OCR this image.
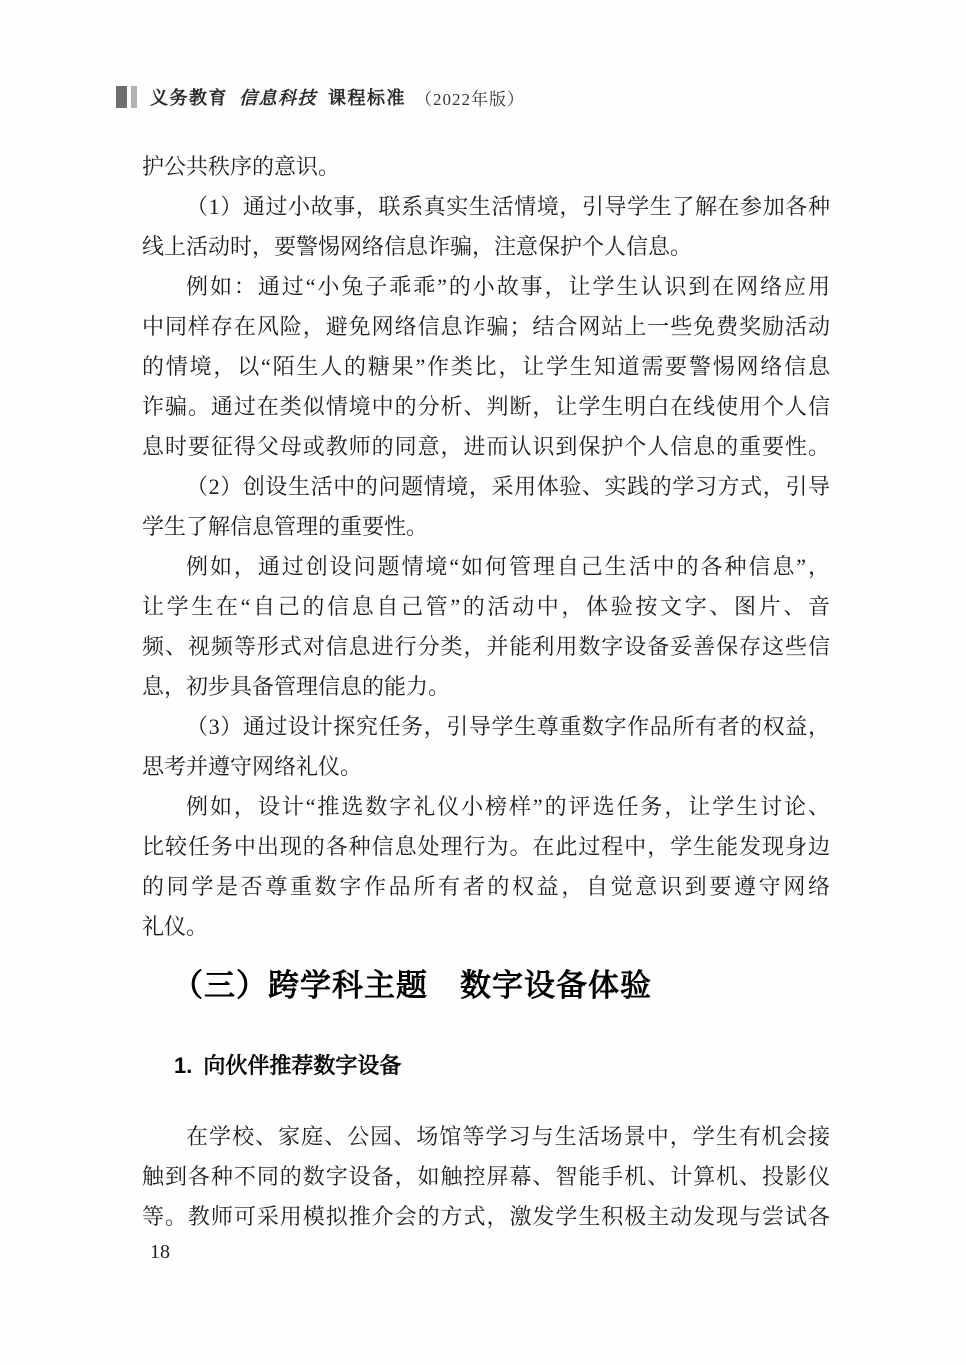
义务教育 信息科技 课程标准 （2022年版）
护公共秩序的意识。
（1）通过小故事，联系真实生活情境，引导学生了解在参加各种
线上活动时，要警惕网络信息诈骗，注意保护个人信息。
例如：通过“小兔子乖乖”的小故事，让学生认识到在网络应用
中同样存在风险，避免网络信息诈骗；结合网站上一些免费奖励活动
的情境，以“陌生人的糖果”作类比，让学生知道需要警惕网络信息
诈骗。通过在类似情境中的分析、判断，让学生明白在线使用个人信
息时要征得父母或教师的同意，进而认识到保护个人信息的重要性。
（2）创设生活中的问题情境，采用体验、实践的学习方式，引导
学生了解信息管理的重要性。
例如，通过创设问题情境“如何管理自己生活中的各种信息”，
让学生在“自己的信息自己管”的活动中，体验按文字、图片、音
频、视频等形式对信息进行分类，并能利用数字设备妥善保存这些信
息，初步具备管理信息的能力。
（3）通过设计探究任务，引导学生尊重数字作品所有者的权益，
思考并遵守网络礼仪。
例如，设计“推选数字礼仪小榜样”的评选任务，让学生讨论、
比较任务中出现的各种信息处理行为。在此过程中，学生能发现身边
的同学是否尊重数字作品所有者的权益，自觉意识到要遵守网络
礼仪。
（三）跨学科主题　数字设备体验
1. 向伙伴推荐数字设备
在学校、家庭、公园、场馆等学习与生活场景中，学生有机会接
触到各种不同的数字设备，如触控屏幕、智能手机、计算机、投影仪
等。教师可采用模拟推介会的方式，激发学生积极主动发现与尝试各
18
